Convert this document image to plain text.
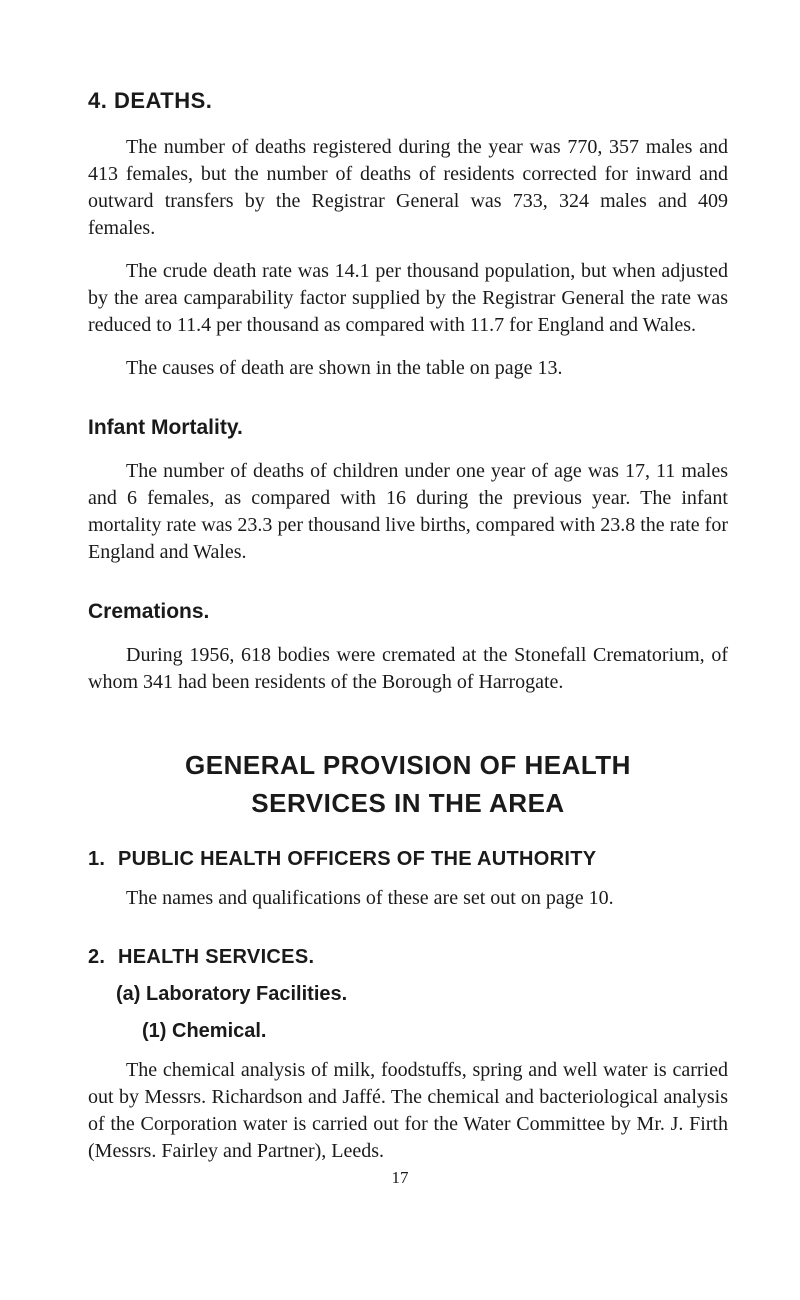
4. DEATHS.

The number of deaths registered during the year was 770, 357 males and 413 females, but the number of deaths of residents corrected for inward and outward transfers by the Registrar General was 733, 324 males and 409 females.

The crude death rate was 14.1 per thousand population, but when adjusted by the area camparability factor supplied by the Registrar General the rate was reduced to 11.4 per thousand as compared with 11.7 for England and Wales.

The causes of death are shown in the table on page 13.

Infant Mortality.

The number of deaths of children under one year of age was 17, 11 males and 6 females, as compared with 16 during the previous year. The infant mortality rate was 23.3 per thousand live births, compared with 23.8 the rate for England and Wales.

Cremations.

During 1956, 618 bodies were cremated at the Stonefall Crematorium, of whom 341 had been residents of the Borough of Harrogate.

GENERAL PROVISION OF HEALTH
SERVICES IN THE AREA
1. PUBLIC HEALTH OFFICERS OF THE AUTHORITY

The names and qualifications of these are set out on page 10.

2. HEALTH SERVICES.
(a) Laboratory Facilities.
(1) Chemical.

The chemical analysis of milk, foodstuffs, spring and well water is carried out by Messrs. Richardson and Jaffé. The chemical and bacteriological analysis of the Corporation water is carried out for the Water Committee by Mr. J. Firth (Messrs. Fairley and Partner), Leeds.

17
